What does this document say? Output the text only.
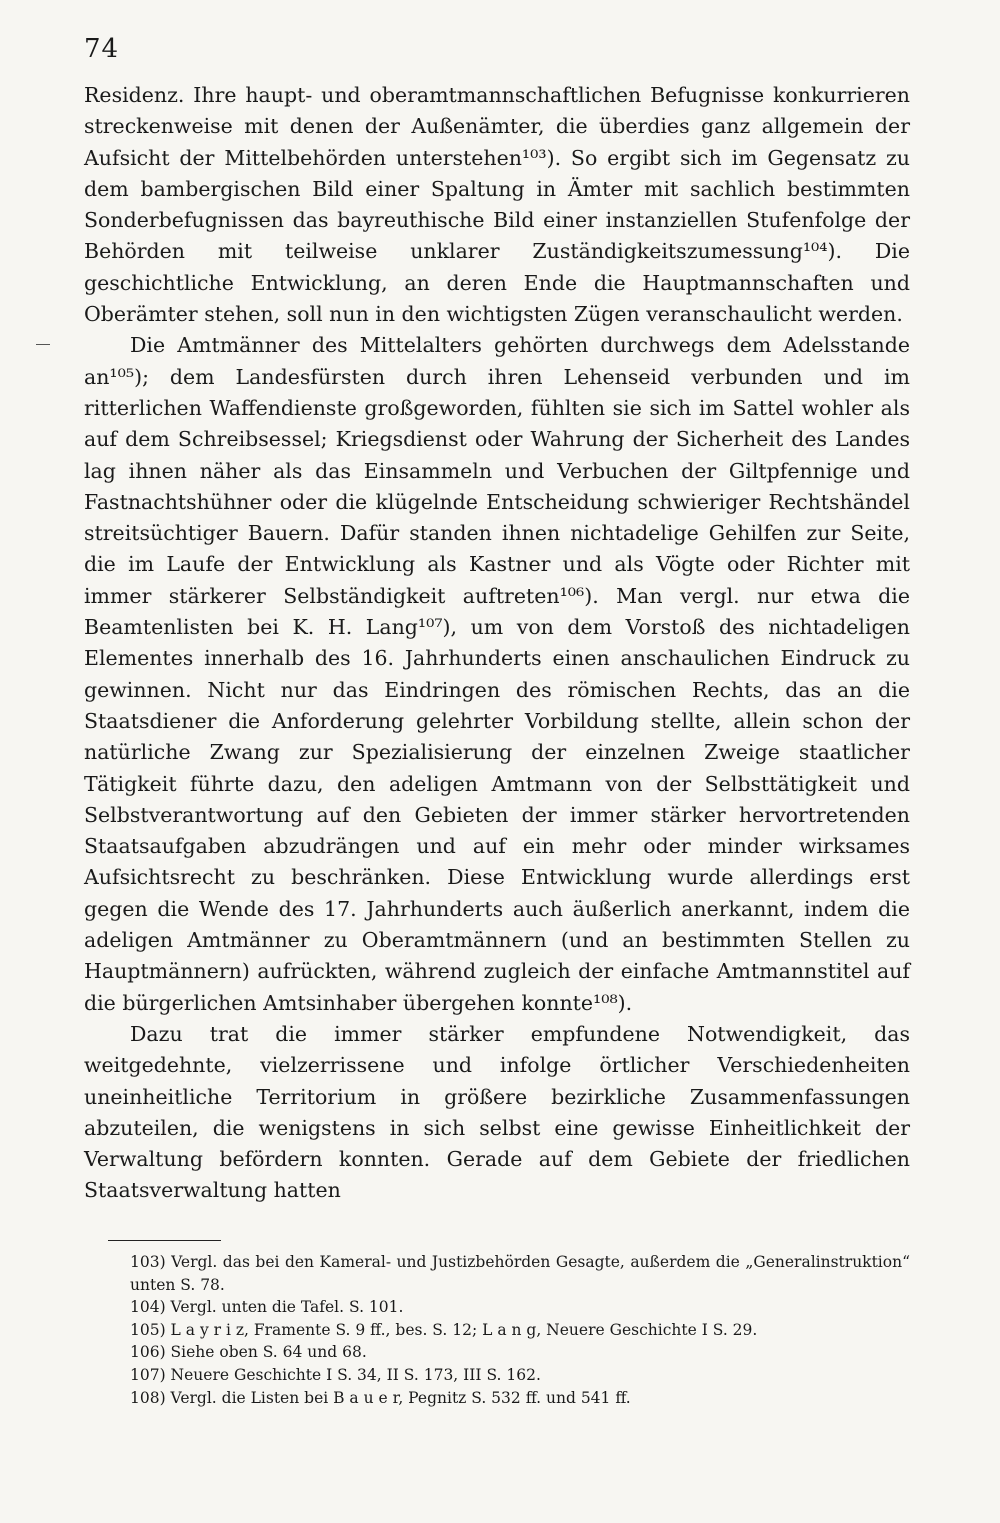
74

Residenz. Ihre haupt- und oberamtmannschaftlichen Befugnisse konkurrieren streckenweise mit denen der Außenämter, die überdies ganz allgemein der Aufsicht der Mittelbehörden unterstehen¹⁰³). So ergibt sich im Gegensatz zu dem bambergischen Bild einer Spaltung in Ämter mit sachlich bestimmten Sonderbefugnissen das bayreuthische Bild einer instanziellen Stufenfolge der Behörden mit teilweise unklarer Zuständigkeitszumessung¹⁰⁴). Die geschichtliche Entwicklung, an deren Ende die Hauptmannschaften und Oberämter stehen, soll nun in den wichtigsten Zügen veranschaulicht werden.

Die Amtmänner des Mittelalters gehörten durchwegs dem Adelsstande an¹⁰⁵); dem Landesfürsten durch ihren Lehenseid verbunden und im ritterlichen Waffendienste großgeworden, fühlten sie sich im Sattel wohler als auf dem Schreibsessel; Kriegsdienst oder Wahrung der Sicherheit des Landes lag ihnen näher als das Einsammeln und Verbuchen der Giltpfennige und Fastnachtshühner oder die klügelnde Entscheidung schwieriger Rechtshändel streitsüchtiger Bauern. Dafür standen ihnen nichtadelige Gehilfen zur Seite, die im Laufe der Entwicklung als Kastner und als Vögte oder Richter mit immer stärkerer Selbständigkeit auftreten¹⁰⁶). Man vergl. nur etwa die Beamtenlisten bei K. H. Lang¹⁰⁷), um von dem Vorstoß des nichtadeligen Elementes innerhalb des 16. Jahrhunderts einen anschaulichen Eindruck zu gewinnen. Nicht nur das Eindringen des römischen Rechts, das an die Staatsdiener die Anforderung gelehrter Vorbildung stellte, allein schon der natürliche Zwang zur Spezialisierung der einzelnen Zweige staatlicher Tätigkeit führte dazu, den adeligen Amtmann von der Selbsttätigkeit und Selbstverantwortung auf den Gebieten der immer stärker hervortretenden Staatsaufgaben abzudrängen und auf ein mehr oder minder wirksames Aufsichtsrecht zu beschränken. Diese Entwicklung wurde allerdings erst gegen die Wende des 17. Jahrhunderts auch äußerlich anerkannt, indem die adeligen Amtmänner zu Oberamtmännern (und an bestimmten Stellen zu Hauptmännern) aufrückten, während zugleich der einfache Amtmannstitel auf die bürgerlichen Amtsinhaber übergehen konnte¹⁰⁸).

Dazu trat die immer stärker empfundene Notwendigkeit, das weitgedehnte, vielzerrissene und infolge örtlicher Verschiedenheiten uneinheitliche Territorium in größere bezirkliche Zusammenfassungen abzuteilen, die wenigstens in sich selbst eine gewisse Einheitlichkeit der Verwaltung befördern konnten. Gerade auf dem Gebiete der friedlichen Staatsverwaltung hatten

103) Vergl. das bei den Kameral- und Justizbehörden Gesagte, außerdem die „Generalinstruktion“ unten S. 78.

104) Vergl. unten die Tafel. S. 101.

105) L a y r i z, Framente S. 9 ff., bes. S. 12; L a n g, Neuere Geschichte I S. 29.

106) Siehe oben S. 64 und 68.

107) Neuere Geschichte I S. 34, II S. 173, III S. 162.

108) Vergl. die Listen bei B a u e r, Pegnitz S. 532 ff. und 541 ff.
